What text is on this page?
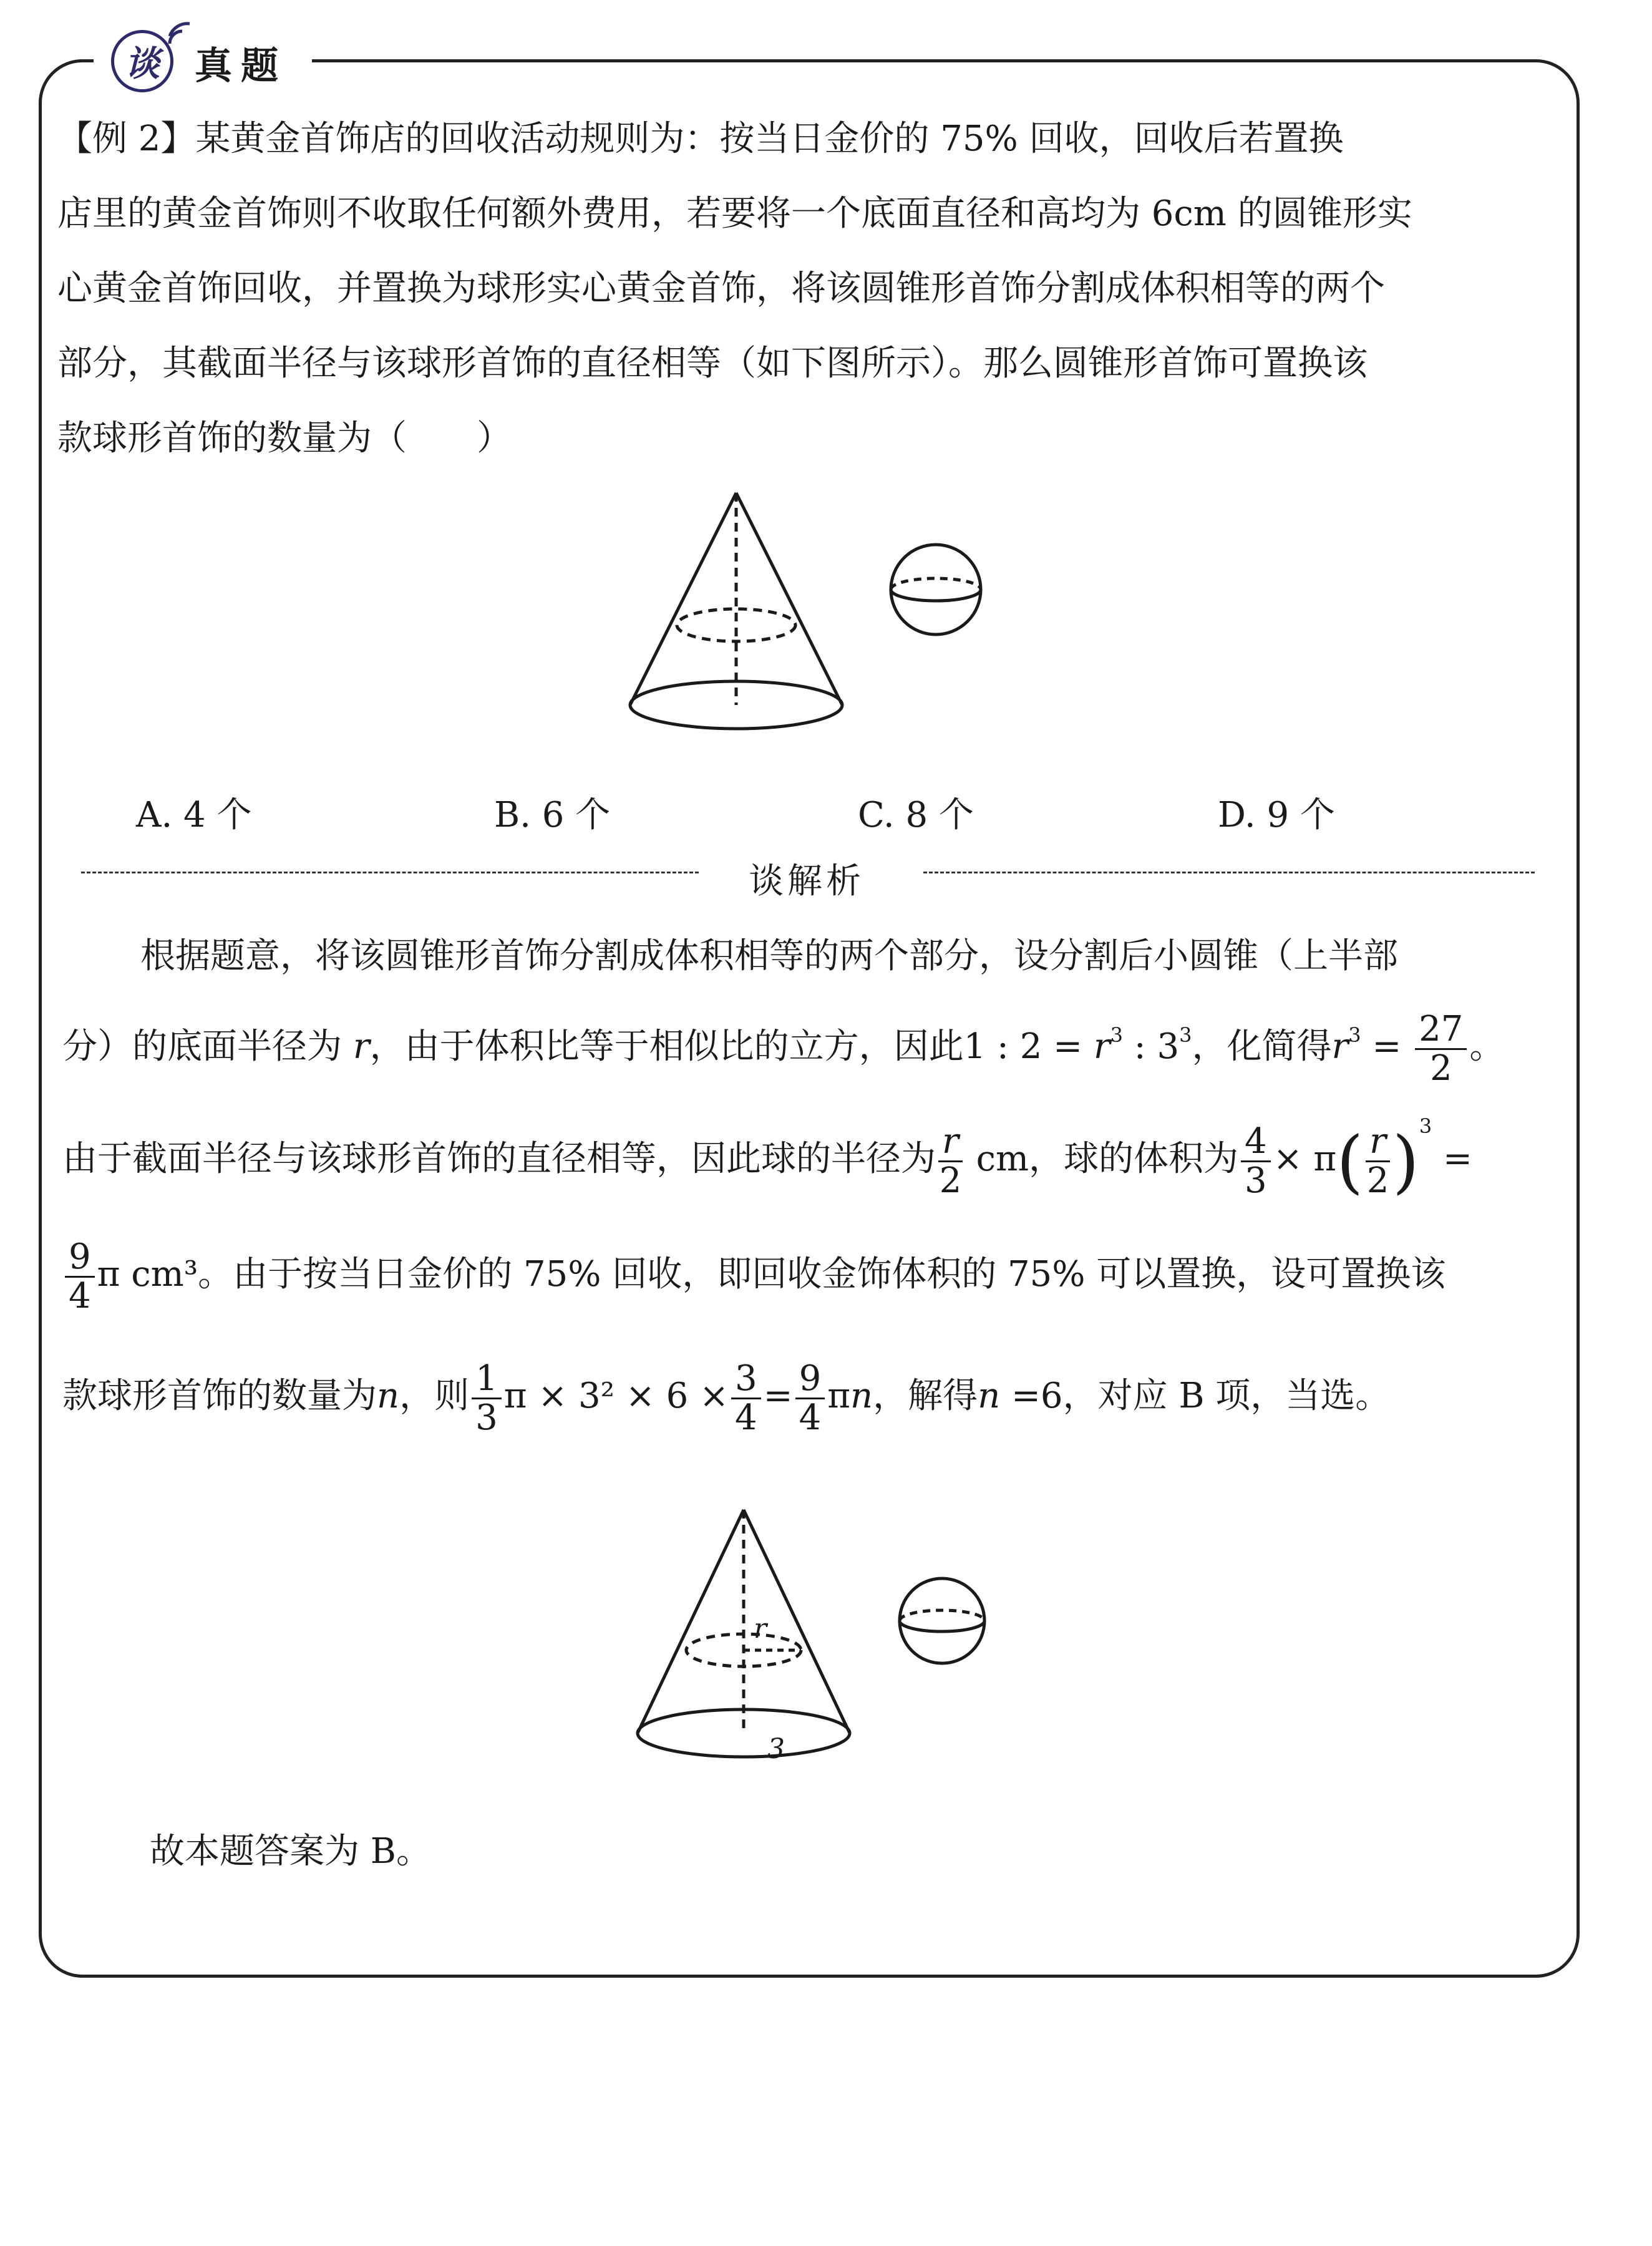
谈 真题
【例 2】某黄金首饰店的回收活动规则为：按当日金价的 75% 回收，回收后若置换
店里的黄金首饰则不收取任何额外费用，若要将一个底面直径和高均为 6cm 的圆锥形实
心黄金首饰回收，并置换为球形实心黄金首饰，将该圆锥形首饰分割成体积相等的两个
部分，其截面半径与该球形首饰的直径相等（如下图所示）。那么圆锥形首饰可置换该
款球形首饰的数量为（　　）
A. 4 个	B. 6 个	C. 8 个	D. 9 个
谈解析
根据题意，将该圆锥形首饰分割成体积相等的两个部分，设分割后小圆锥（上半部
分）的底面半径为 r，由于体积比等于相似比的立方，因此1 : $2 = r^3$ : $3^3$，化简得$r^3 = \frac{27}{2}$ 。
由于截面半径与该球形首饰的直径相等，因此球的半径为 $\frac{r}{2}$ cm，球的体积为 $\frac{4}{3} \times \pi( \frac{r}{2} )^3$ =
$\frac{9}{4}$ π cm³。由于按当日金价的 75% 回收，即回收金饰体积的 75% 可以置换，设可置换该
款球形首饰的数量为n，则 $\frac{1}{3}$ $\pi \times 3^2 \times 6 \times \frac{3}{4} = \frac{9}{4}$ πn，解得n =6，对应 B 项，当选。
r
3
故本题答案为 B。
